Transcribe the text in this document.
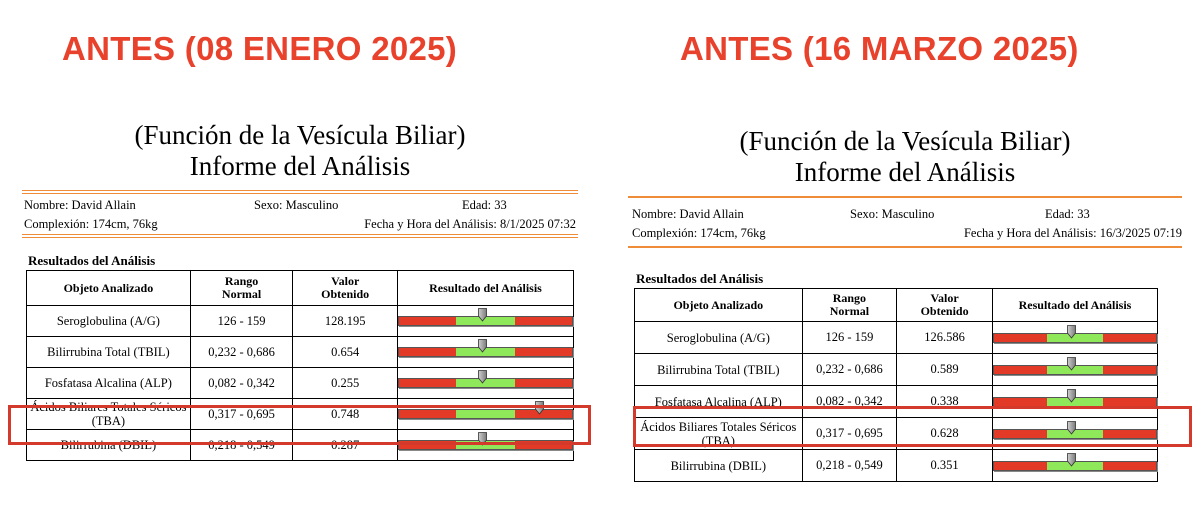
ANTES (08 ENERO 2025)
(Función de la Vesícula Biliar)
Informe del Análisis
Nombre: David Allain	Sexo: Masculino	Edad: 33
Complexión: 174cm, 76kg	Fecha y Hora del Análisis: 8/1/2025 07:32
Resultados del Análisis
Objeto Analizado	Rango Normal	Valor Obtenido	Resultado del Análisis
Seroglobulina (A/G)	126 - 159	128.195	

Bilirrubina Total (TBIL)	0,232 - 0,686	0.654	

Fosfatasa Alcalina (ALP)	0,082 - 0,342	0.255	

Ácidos Biliares Totales Séricos (TBA)	0,317 - 0,695	0.748	

Bilirrubina (DBIL)	0,218 - 0,549	0.287	
ANTES (16 MARZO 2025)
(Función de la Vesícula Biliar)
Informe del Análisis
Nombre: David Allain	Sexo: Masculino	Edad: 33
Complexión: 174cm, 76kg	Fecha y Hora del Análisis: 16/3/2025 07:19
Resultados del Análisis
Objeto Analizado	Rango Normal	Valor Obtenido	Resultado del Análisis
Seroglobulina (A/G)	126 - 159	126.586	

Bilirrubina Total (TBIL)	0,232 - 0,686	0.589	

Fosfatasa Alcalina (ALP)	0,082 - 0,342	0.338	

Ácidos Biliares Totales Séricos (TBA)	0,317 - 0,695	0.628	

Bilirrubina (DBIL)	0,218 - 0,549	0.351	
